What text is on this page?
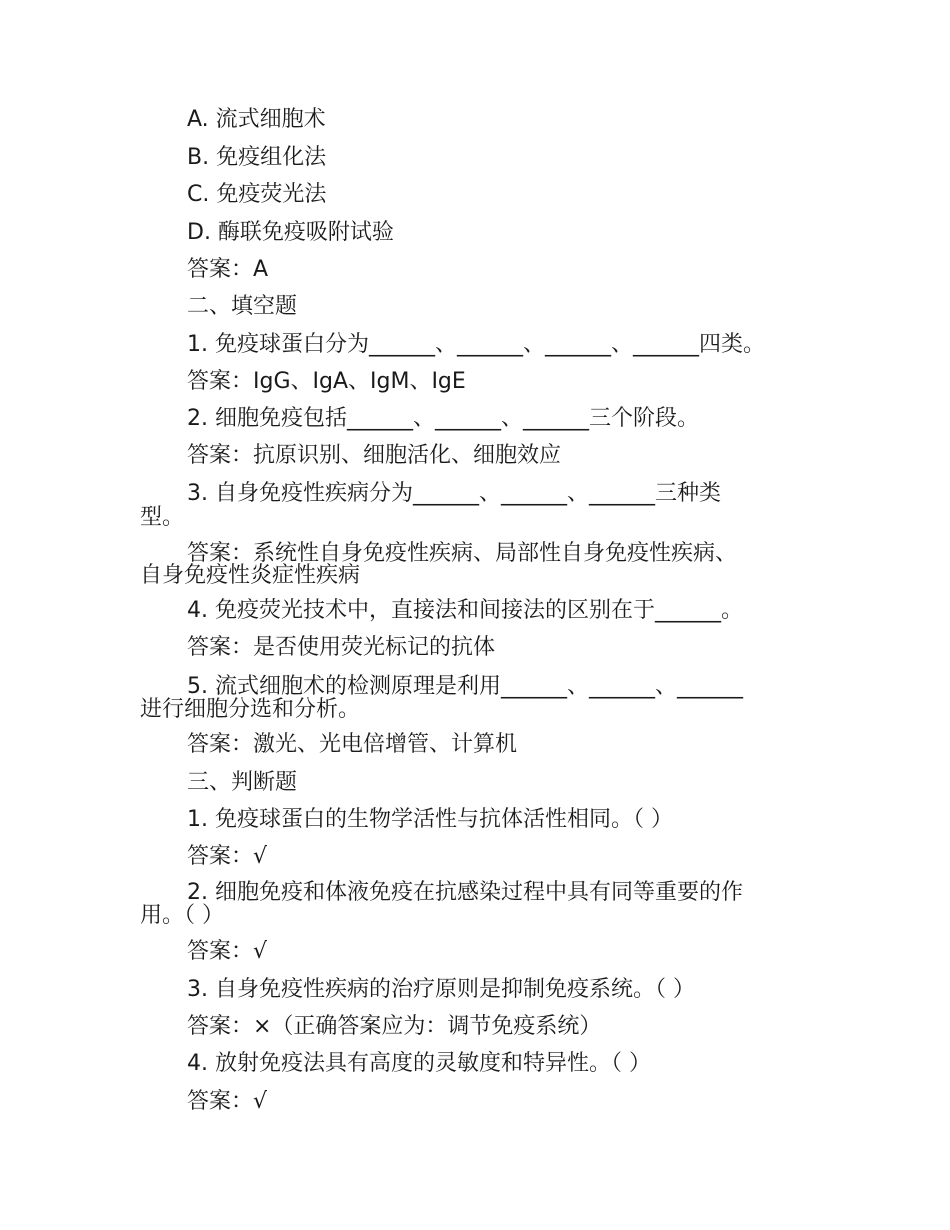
A. 流式细胞术
B. 免疫组化法
C. 免疫荧光法
D. 酶联免疫吸附试验
答案：A
二、填空题
1. 免疫球蛋白分为______、______、______、______四类。
答案：IgG、IgA、IgM、IgE
2. 细胞免疫包括______、______、______三个阶段。
答案：抗原识别、细胞活化、细胞效应
3. 自身免疫性疾病分为______、______、______三种类
型。
答案：系统性自身免疫性疾病、局部性自身免疫性疾病、
自身免疫性炎症性疾病
4. 免疫荧光技术中，直接法和间接法的区别在于______。
答案：是否使用荧光标记的抗体
5. 流式细胞术的检测原理是利用______、______、______
进行细胞分选和分析。
答案：激光、光电倍增管、计算机
三、判断题
1. 免疫球蛋白的生物学活性与抗体活性相同。（ ）
答案：√
2. 细胞免疫和体液免疫在抗感染过程中具有同等重要的作
用。（ ）
答案：√
3. 自身免疫性疾病的治疗原则是抑制免疫系统。（ ）
答案：×（正确答案应为：调节免疫系统）
4. 放射免疫法具有高度的灵敏度和特异性。（ ）
答案：√
